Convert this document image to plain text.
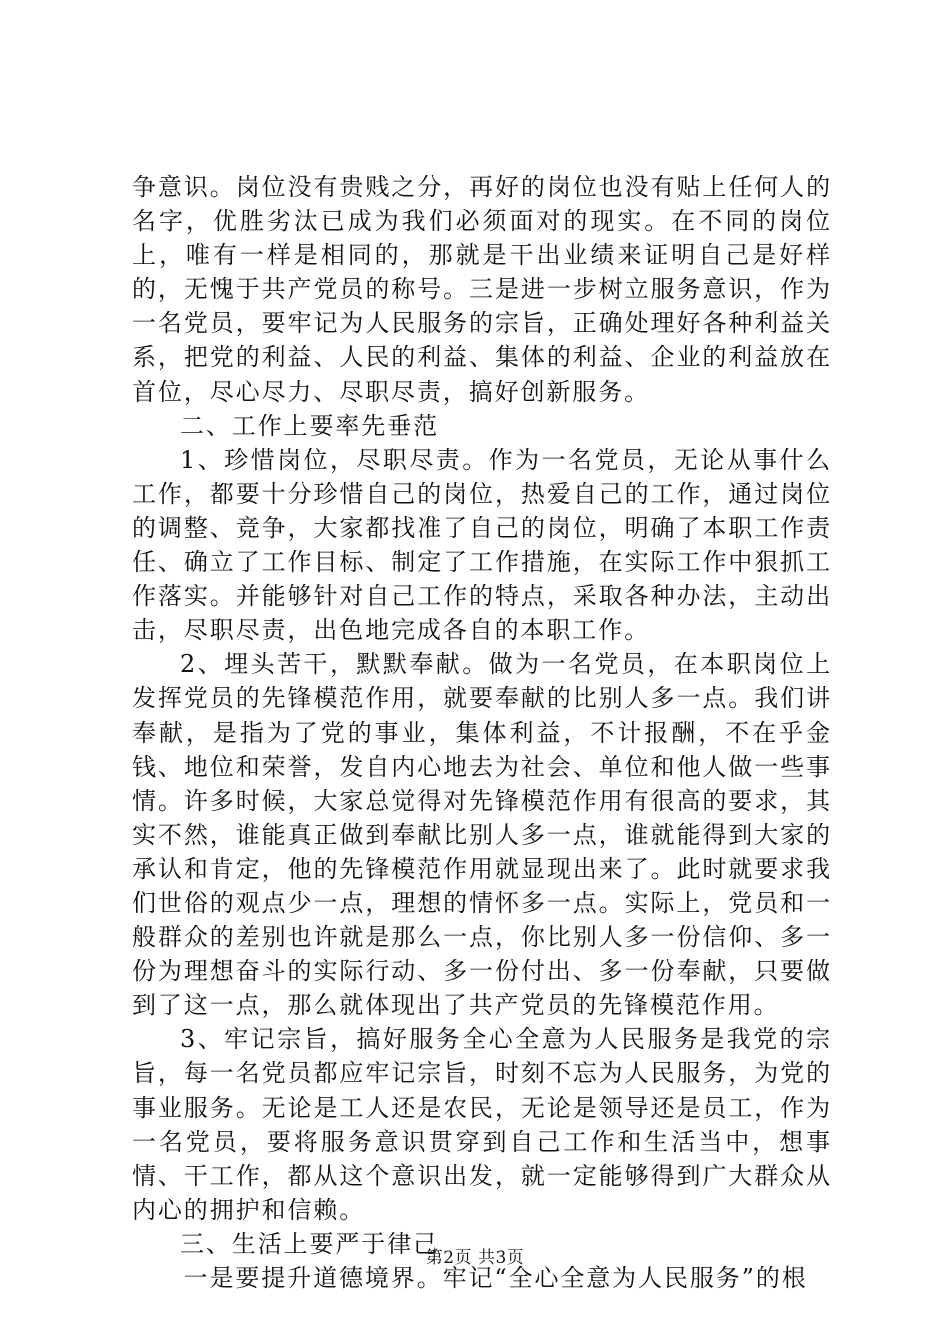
争意识。岗位没有贵贱之分，再好的岗位也没有贴上任何人的名字，优胜劣汰已成为我们必须面对的现实。在不同的岗位上，唯有一样是相同的，那就是干出业绩来证明自己是好样的，无愧于共产党员的称号。三是进一步树立服务意识，作为一名党员，要牢记为人民服务的宗旨，正确处理好各种利益关系，把党的利益、人民的利益、集体的利益、企业的利益放在首位，尽心尽力、尽职尽责，搞好创新服务。

二、工作上要率先垂范

1、珍惜岗位，尽职尽责。作为一名党员，无论从事什么工作，都要十分珍惜自己的岗位，热爱自己的工作，通过岗位的调整、竞争，大家都找准了自己的岗位，明确了本职工作责任、确立了工作目标、制定了工作措施，在实际工作中狠抓工作落实。并能够针对自己工作的特点，采取各种办法，主动出击，尽职尽责，出色地完成各自的本职工作。

2、埋头苦干，默默奉献。做为一名党员，在本职岗位上发挥党员的先锋模范作用，就要奉献的比别人多一点。我们讲奉献，是指为了党的事业，集体利益，不计报酬，不在乎金钱、地位和荣誉，发自内心地去为社会、单位和他人做一些事情。许多时候，大家总觉得对先锋模范作用有很高的要求，其实不然，谁能真正做到奉献比别人多一点，谁就能得到大家的承认和肯定，他的先锋模范作用就显现出来了。此时就要求我们世俗的观点少一点，理想的情怀多一点。实际上，党员和一般群众的差别也许就是那么一点，你比别人多一份信仰、多一份为理想奋斗的实际行动、多一份付出、多一份奉献，只要做到了这一点，那么就体现出了共产党员的先锋模范作用。

3、牢记宗旨，搞好服务全心全意为人民服务是我党的宗旨，每一名党员都应牢记宗旨，时刻不忘为人民服务，为党的事业服务。无论是工人还是农民，无论是领导还是员工，作为一名党员，要将服务意识贯穿到自己工作和生活当中，想事情、干工作，都从这个意识出发，就一定能够得到广大群众从内心的拥护和信赖。

三、生活上要严于律己

一是要提升道德境界。牢记“全心全意为人民服务”的根

第2页 共3页
